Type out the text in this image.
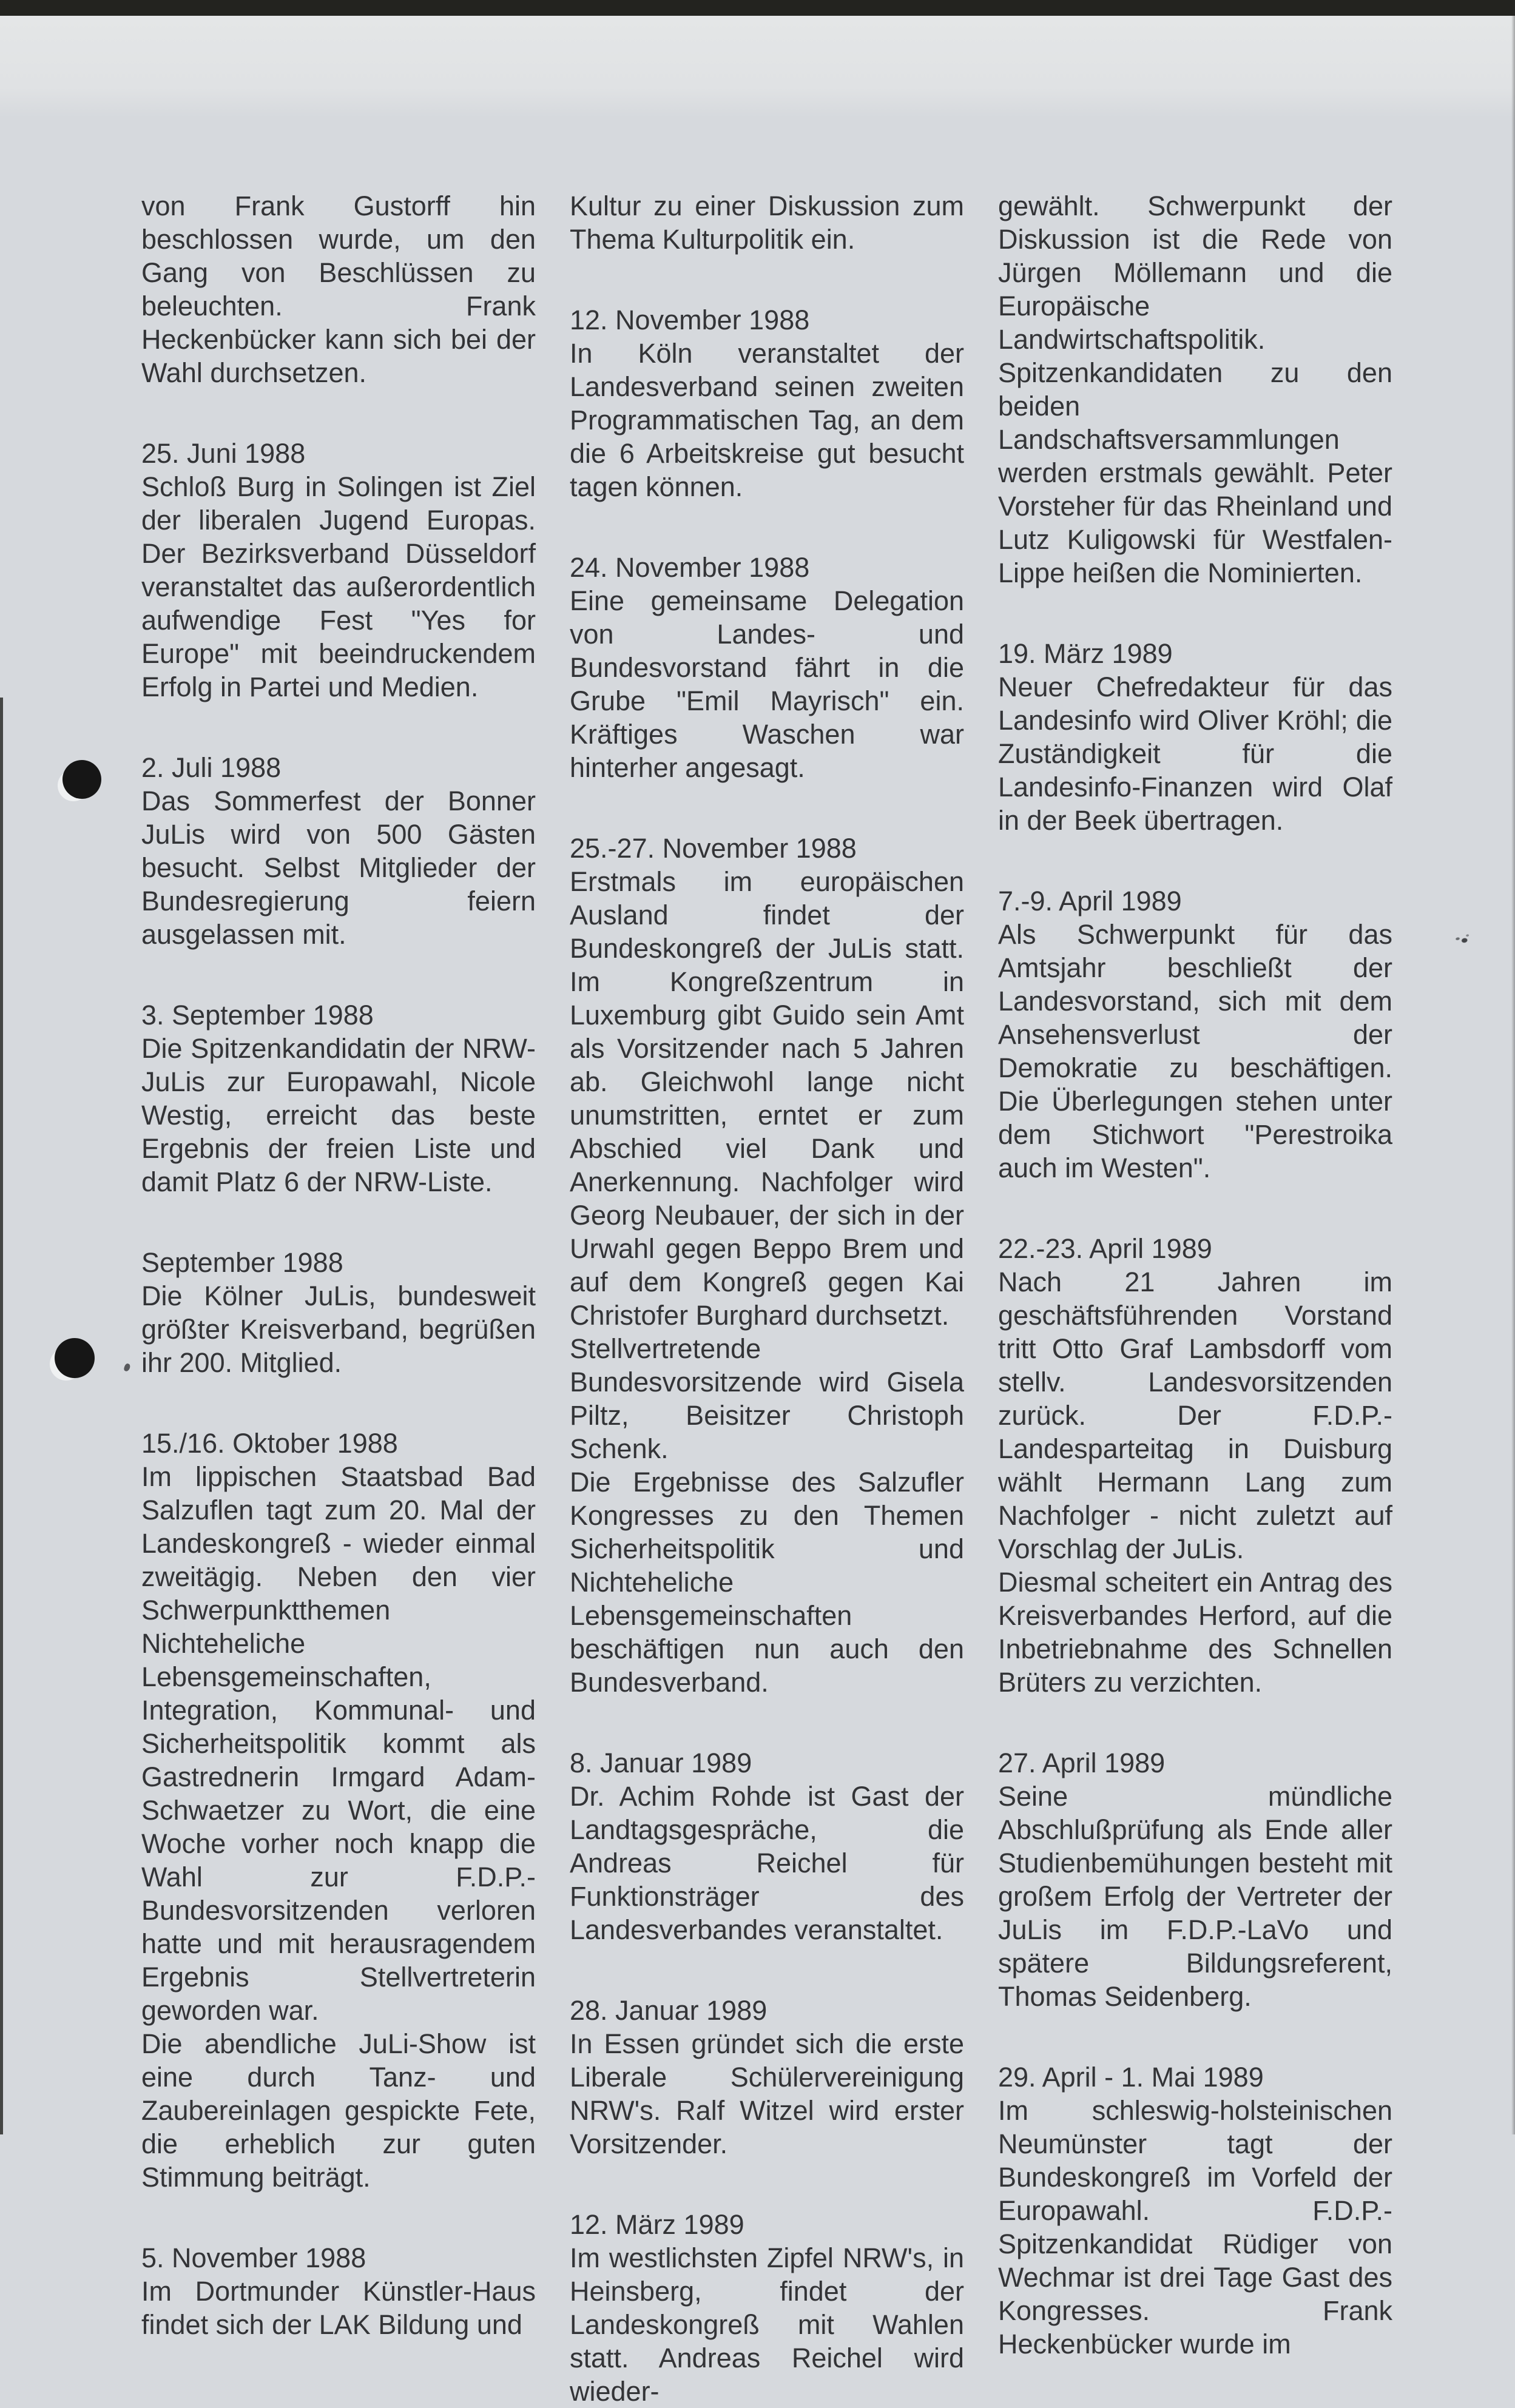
von Frank Gustorff hin beschlossen wurde, um den Gang von Beschlüssen zu beleuchten. Frank Heckenbücker kann sich bei der Wahl durchsetzen.

25. Juni 1988

Schloß Burg in Solingen ist Ziel der liberalen Jugend Europas. Der Bezirksverband Düsseldorf veranstaltet das außerordentlich aufwendige Fest "Yes for Europe" mit beeindruckendem Erfolg in Partei und Medien.

2. Juli 1988

Das Sommerfest der Bonner JuLis wird von 500 Gästen besucht. Selbst Mitglieder der Bundesregierung feiern ausgelassen mit.

3. September 1988

Die Spitzenkandidatin der NRW-JuLis zur Europawahl, Nicole Westig, erreicht das beste Ergebnis der freien Liste und damit Platz 6 der NRW-Liste.

September 1988

Die Kölner JuLis, bundesweit größter Kreisverband, begrüßen ihr 200. Mitglied.

15./16. Oktober 1988

Im lippischen Staatsbad Bad Salzuflen tagt zum 20. Mal der Landeskongreß - wieder einmal zweitägig. Neben den vier Schwerpunktthemen Nichteheliche Lebensgemeinschaften, Integration, Kommunal- und Sicherheitspolitik kommt als Gastrednerin Irmgard Adam-Schwaetzer zu Wort, die eine Woche vorher noch knapp die Wahl zur F.D.P.- Bundesvorsitzenden verloren hatte und mit herausragendem Ergebnis Stellvertreterin geworden war.

Die abendliche JuLi-Show ist eine durch Tanz- und Zaubereinlagen gespickte Fete, die erheblich zur guten Stimmung beiträgt.

5. November 1988

Im Dortmunder Künstler-Haus findet sich der LAK Bildung und

Kultur zu einer Diskussion zum Thema Kulturpolitik ein.

12. November 1988

In Köln veranstaltet der Landesverband seinen zweiten Programmatischen Tag, an dem die 6 Arbeitskreise gut besucht tagen können.

24. November 1988

Eine gemeinsame Delegation von Landes- und Bundesvorstand fährt in die Grube "Emil Mayrisch" ein. Kräftiges Waschen war hinterher angesagt.

25.-27. November 1988

Erstmals im europäischen Ausland findet der Bundeskongreß der JuLis statt. Im Kongreßzentrum in Luxemburg gibt Guido sein Amt als Vorsitzender nach 5 Jahren ab. Gleichwohl lange nicht unumstritten, erntet er zum Abschied viel Dank und Anerkennung. Nachfolger wird Georg Neubauer, der sich in der Urwahl gegen Beppo Brem und auf dem Kongreß gegen Kai Christofer Burghard durchsetzt.

Stellvertretende Bundesvorsitzende wird Gisela Piltz, Beisitzer Christoph Schenk.

Die Ergebnisse des Salzufler Kongresses zu den Themen Sicherheitspolitik und Nichteheliche Lebensgemeinschaften beschäftigen nun auch den Bundesverband.

8. Januar 1989

Dr. Achim Rohde ist Gast der Landtagsgespräche, die Andreas Reichel für Funktionsträger des Landesverbandes veranstaltet.

28. Januar 1989

In Essen gründet sich die erste Liberale Schülervereinigung NRW's. Ralf Witzel wird erster Vorsitzender.

12. März 1989

Im westlichsten Zipfel NRW's, in Heinsberg, findet der Landeskongreß mit Wahlen statt. Andreas Reichel wird wieder-

gewählt. Schwerpunkt der Diskussion ist die Rede von Jürgen Möllemann und die Europäische Landwirtschaftspolitik.

Spitzenkandidaten zu den beiden Landschaftsversammlungen werden erstmals gewählt. Peter Vorsteher für das Rheinland und Lutz Kuligowski für Westfalen-Lippe heißen die Nominierten.

19. März 1989

Neuer Chefredakteur für das Landesinfo wird Oliver Kröhl; die Zuständigkeit für die Landesinfo-Finanzen wird Olaf in der Beek übertragen.

7.-9. April 1989

Als Schwerpunkt für das Amtsjahr beschließt der Landesvorstand, sich mit dem Ansehensverlust der Demokratie zu beschäftigen. Die Überlegungen stehen unter dem Stichwort "Perestroika auch im Westen".

22.-23. April 1989

Nach 21 Jahren im geschäftsführenden Vorstand tritt Otto Graf Lambsdorff vom stellv. Landesvorsitzenden zurück. Der F.D.P.-Landesparteitag in Duisburg wählt Hermann Lang zum Nachfolger - nicht zuletzt auf Vorschlag der JuLis.

Diesmal scheitert ein Antrag des Kreisverbandes Herford, auf die Inbetriebnahme des Schnellen Brüters zu verzichten.

27. April 1989

Seine mündliche Abschlußprüfung als Ende aller Studienbemühungen besteht mit großem Erfolg der Vertreter der JuLis im F.D.P.-LaVo und spätere Bildungsreferent, Thomas Seidenberg.

29. April - 1. Mai 1989

Im schleswig-holsteinischen Neumünster tagt der Bundeskongreß im Vorfeld der Europawahl. F.D.P.-Spitzenkandidat Rüdiger von Wechmar ist drei Tage Gast des Kongresses. Frank Heckenbücker wurde im
